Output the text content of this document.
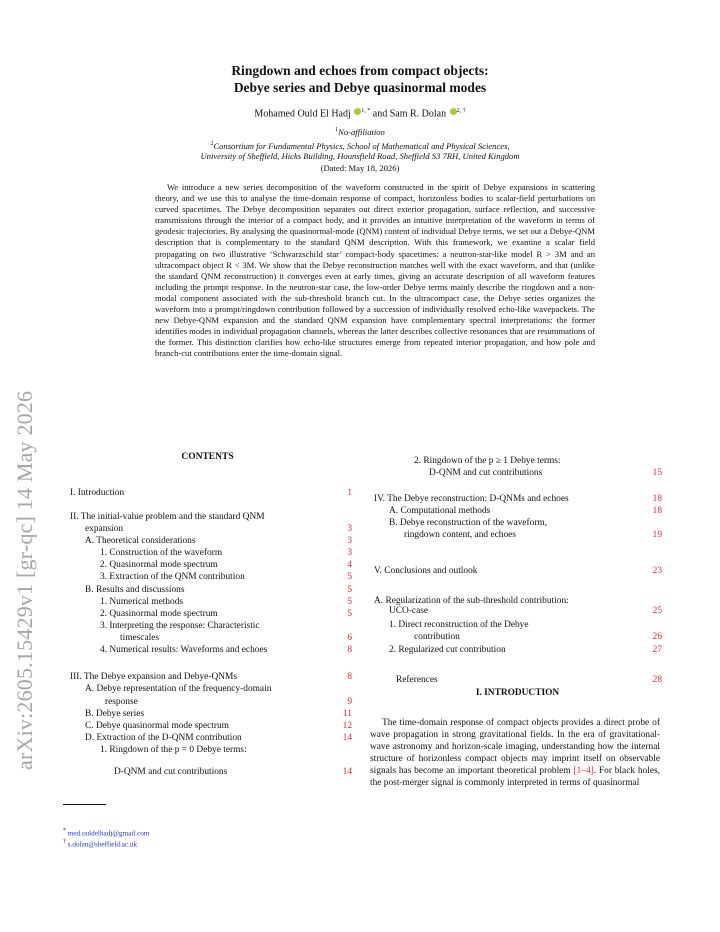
arXiv:2605.15429v1 [gr-qc] 14 May 2026
Ringdown and echoes from compact objects:
Debye series and Debye quasinormal modes
Mohamed Ould El Hadj $^{1, *}$ and Sam R. Dolan $^{2, \dagger}$
$^1$No-affiliation
$^2$Consortium for Fundamental Physics, School of Mathematical and Physical Sciences,
University of Sheffield, Hicks Building, Hounsfield Road, Sheffield S3 7RH, United Kingdom
(Dated: May 18, 2026)
We introduce a new series decomposition of the waveform constructed in the spirit of Debye expansions in scattering theory, and we use this to analyse the time-domain response of compact, horizonless bodies to scalar-field perturbations on curved spacetimes. The Debye decomposition separates out direct exterior propagation, surface reflection, and successive transmissions through the interior of a compact body, and it provides an intuitive interpretation of the waveform in terms of geodesic trajectories. By analysing the quasinormal-mode (QNM) content of individual Debye terms, we set out a Debye-QNM description that is complementary to the standard QNM description. With this framework, we examine a scalar field propagating on two illustrative ‘Schwarzschild star’ compact-body spacetimes: a neutron-star-like model R > 3M and an ultracompact object R < 3M. We show that the Debye reconstruction matches well with the exact waveform, and that (unlike the standard QNM reconstruction) it converges even at early times, giving an accurate description of all waveform features including the prompt response. In the neutron-star case, the low-order Debye terms mainly describe the ringdown and a non-modal component associated with the sub-threshold branch cut. In the ultracompact case, the Debye series organizes the waveform into a prompt/ringdown contribution followed by a succession of individually resolved echo-like wavepackets. The new Debye-QNM expansion and the standard QNM expansion have complementary spectral interpretations: the former identifies modes in individual propagation channels, whereas the latter describes collective resonances that are resummations of the former. This distinction clarifies how echo-like structures emerge from repeated interior propagation, and how pole and branch-cut contributions enter the time-domain signal.
CONTENTS
I. Introduction	1
II. The initial-value problem and the standard QNM
expansion	3
A. Theoretical considerations	3
1. Construction of the waveform	3
2. Quasinormal mode spectrum	4
3. Extraction of the QNM contribution	5
B. Results and discussions	5
1. Numerical methods	5
2. Quasinormal mode spectrum	5
3. Interpreting the response: Characteristic
timescales	6
4. Numerical results: Waveforms and echoes	8
III. The Debye expansion and Debye-QNMs	8
A. Debye representation of the frequency-domain
response	9
B. Debye series	11
C. Debye quasinormal mode spectrum	12
D. Extraction of the D-QNM contribution	14
1. Ringdown of the p = 0 Debye terms:
D-QNM and cut contributions	14
2. Ringdown of the p ≥ 1 Debye terms:
D-QNM and cut contributions	15
IV. The Debye reconstruction: D-QNMs and echoes	18
A. Computational methods	18
B. Debye reconstruction of the waveform,
ringdown content, and echoes	19
V. Conclusions and outlook	23
A. Regularization of the sub-threshold contribution:
UCO-case	25
1. Direct reconstruction of the Debye
contribution	26
2. Regularized cut contribution	27
References	28
I. INTRODUCTION
The time-domain response of compact objects provides a direct probe of wave propagation in strong gravitational fields. In the era of gravitational-wave astronomy and horizon-scale imaging, understanding how the internal structure of horizonless compact objects may imprint itself on observable signals has become an important theoretical problem [1–4]. For black holes, the post-merger signal is commonly interpreted in terms of quasinormal
* med.ouldelhadj@gmail.com
† s.dolan@sheffield.ac.uk
